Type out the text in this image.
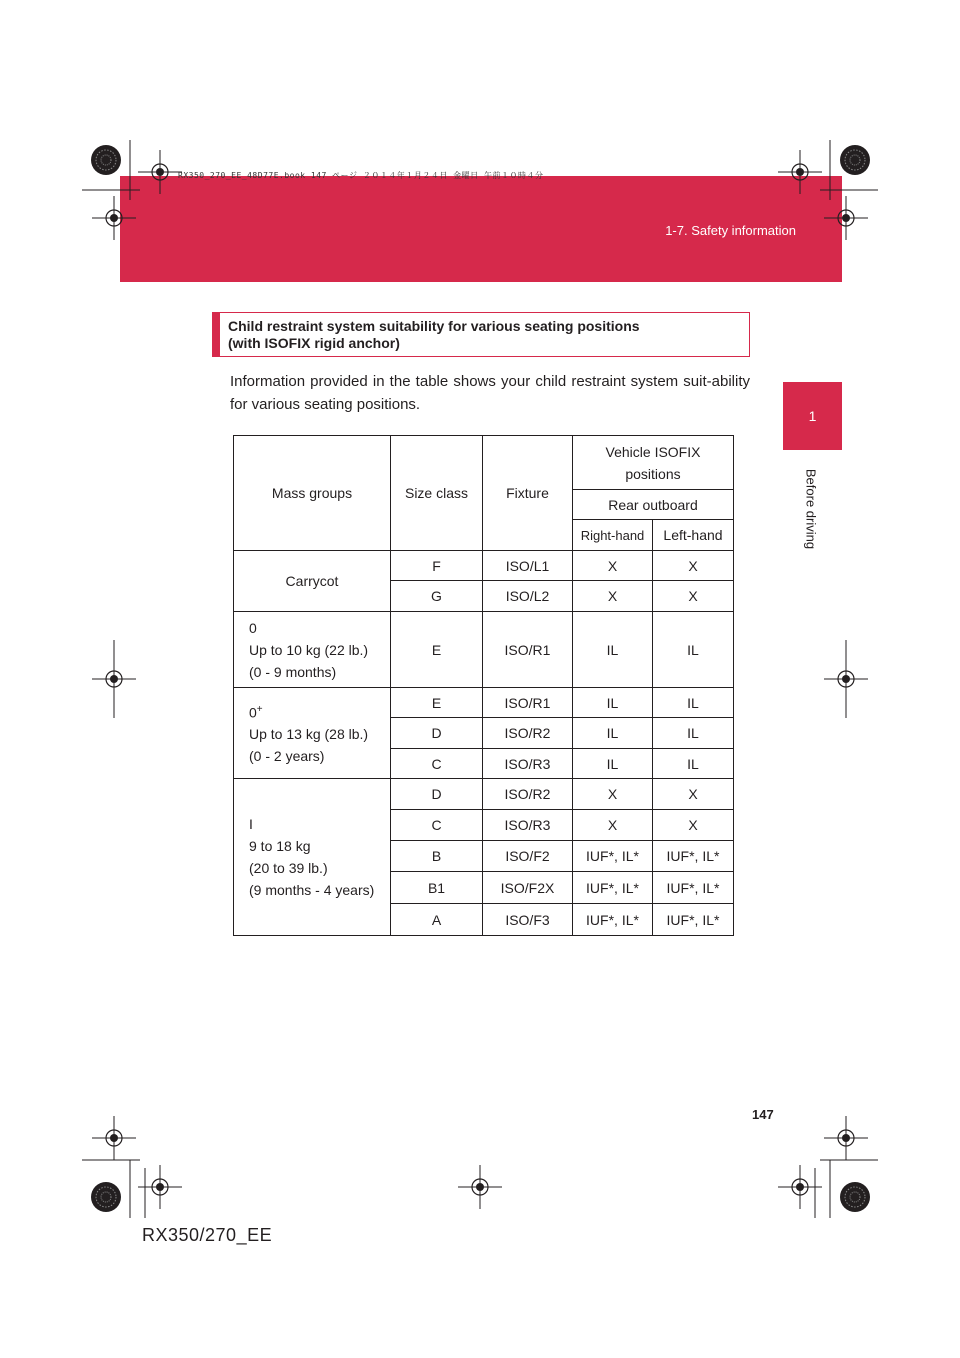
RX350_270_EE_48D77E.book 147 ページ ２０１４年１月２４日 金曜日 午前１０時４分
1-7. Safety information
1
Before driving
Child restraint system suitability for various seating positions
(with ISOFIX rigid anchor)
Information provided in the table shows your child restraint system suit-ability for various seating positions.
Mass groups	Size class	Fixture	Vehicle ISOFIX
positions	
			Rear outboard	
			Right-hand	Left-hand
Carrycot	F	ISO/L1	X	X
	G	ISO/L2	X	X
0
Up to 10 kg (22 lb.)
(0 - 9 months)	E	ISO/R1	IL	IL
0+
Up to 13 kg (28 lb.)
(0 - 2 years)	E	ISO/R1	IL	IL
	D	ISO/R2	IL	IL
	C	ISO/R3	IL	IL
I
9 to 18 kg
(20 to 39 lb.)
(9 months - 4 years)	D	ISO/R2	X	X
	C	ISO/R3	X	X
	B	ISO/F2	IUF*, IL*	IUF*, IL*
	B1	ISO/F2X	IUF*, IL*	IUF*, IL*
	A	ISO/F3	IUF*, IL*	IUF*, IL*
147
RX350/270_EE
